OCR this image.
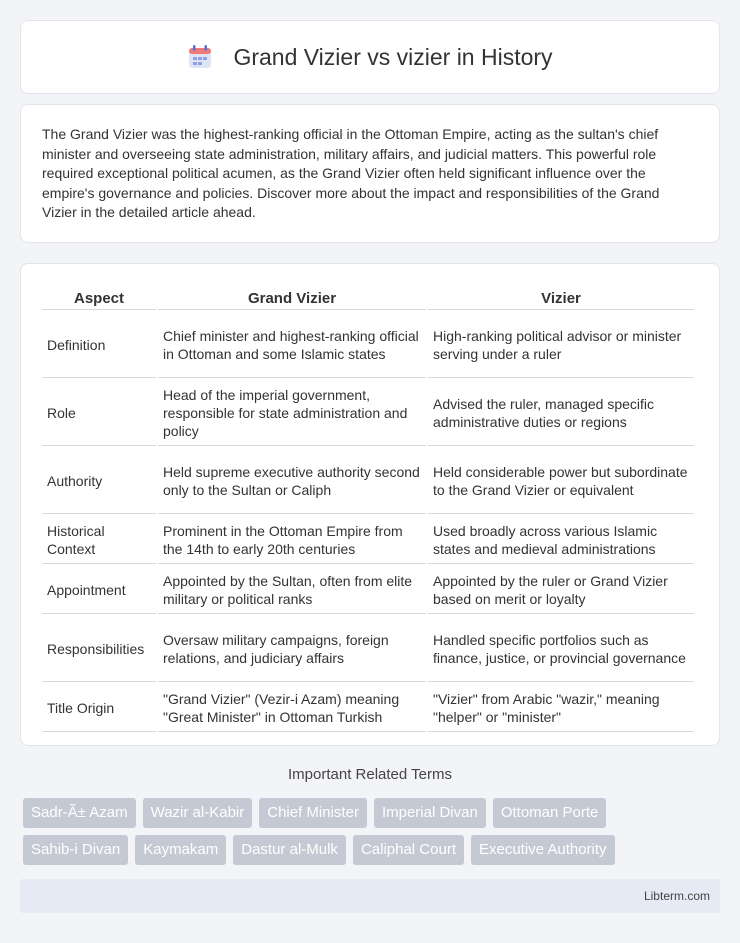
Grand Vizier vs vizier in History

The Grand Vizier was the highest-ranking official in the Ottoman Empire, acting as the sultan's chief minister and overseeing state administration, military affairs, and judicial matters. This powerful role required exceptional political acumen, as the Grand Vizier often held significant influence over the empire's governance and policies. Discover more about the impact and responsibilities of the Grand Vizier in the detailed article ahead.

Aspect	Grand Vizier	Vizier
Definition	Chief minister and highest-ranking official in Ottoman and some Islamic states	High-ranking political advisor or minister serving under a ruler
Role	Head of the imperial government, responsible for state administration and policy	Advised the ruler, managed specific administrative duties or regions
Authority	Held supreme executive authority second only to the Sultan or Caliph	Held considerable power but subordinate to the Grand Vizier or equivalent
Historical Context	Prominent in the Ottoman Empire from the 14th to early 20th centuries	Used broadly across various Islamic states and medieval administrations
Appointment	Appointed by the Sultan, often from elite military or political ranks	Appointed by the ruler or Grand Vizier based on merit or loyalty
Responsibilities	Oversaw military campaigns, foreign relations, and judiciary affairs	Handled specific portfolios such as finance, justice, or provincial governance
Title Origin	"Grand Vizier" (Vezir-i Azam) meaning "Great Minister" in Ottoman Turkish	"Vizier" from Arabic "wazir," meaning "helper" or "minister"
Important Related Terms
Sadr-Ã± Azam	Wazir al-Kabir	Chief Minister	Imperial Divan	Ottoman Porte
Sahib-i Divan	Kaymakam	Dastur al-Mulk	Caliphal Court	Executive Authority
Libterm.com
